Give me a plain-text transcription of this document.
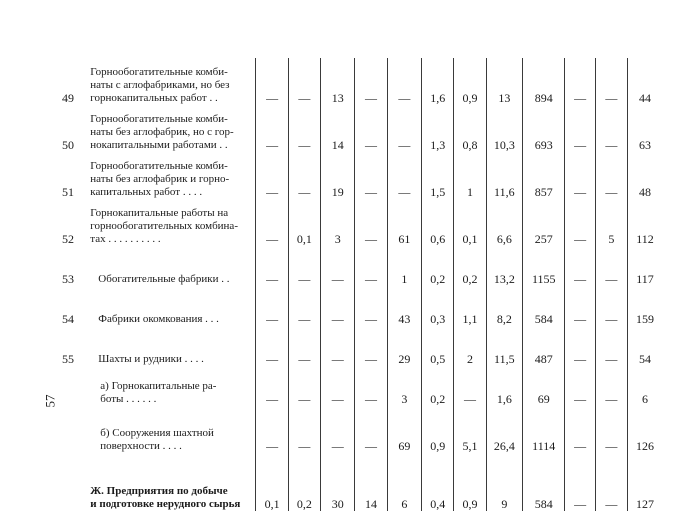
49	Горнообогатительные комби-
наты с аглофабриками, но без
горнокапитальных работ . .	—	—	13	—	—	1,6	0,9	13	894	—	—	44
50	Горнообогатительные комби-
наты без аглофабрик, но с гор-
нокапитальными работами . .	—	—	14	—	—	1,3	0,8	10,3	693	—	—	63
51	Горнообогатительные комби-
наты без аглофабрик и горно-
капитальных работ . . . .	—	—	19	—	—	1,5	1	11,6	857	—	—	48
52	Горнокапитальные работы на
горнообогатительных комбина-
тах . . . . . . . . . .	—	0,1	3	—	61	0,6	0,1	6,6	257	—	5	112
53	Обогатительные фабрики . .	—	—	—	—	1	0,2	0,2	13,2	1155	—	—	117
54	Фабрики окомкования . . .	—	—	—	—	43	0,3	1,1	8,2	584	—	—	159
55	Шахты и рудники . . . .	—	—	—	—	29	0,5	2	11,5	487	—	—	54

	а) Горнокапитальные ра-
боты . . . . . .	—	—	—	—	3	0,2	—	1,6	69	—	—	6

	б) Сооружения шахтной
поверхности . . . .	—	—	—	—	69	0,9	5,1	26,4	1114	—	—	126

	Ж. Предприятия по добыче
и подготовке нерудного сырья	0,1	0,2	30	14	6	0,4	0,9	9	584	—	—	127
57
